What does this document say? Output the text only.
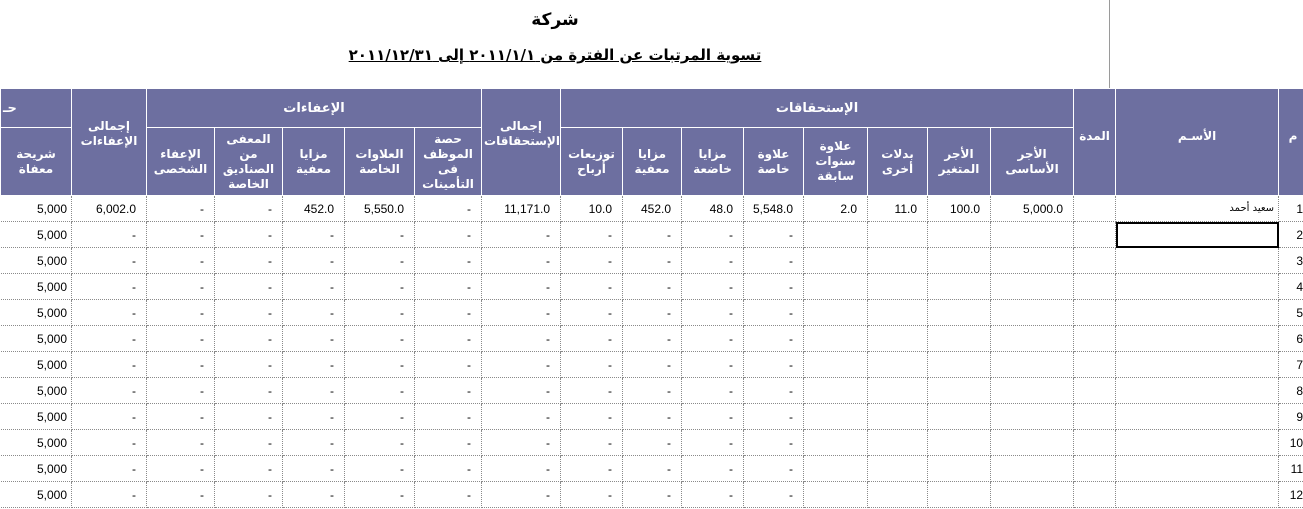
شركة
تسوية المرتبات عن الفترة من ٢٠١١/١/١ إلى ٢٠١١/١٢/٣١
حـ	إجمالى الإعفاءات	الإعفاءات					إجمالى الإستحقاقات	الإستحقاقات								المدة	الأسـم	م
شريحة معفاة		الإعفاء الشخصى	المعفى من الصناديق الخاصة	مزايا معفية	العلاوات الخاصة	حصة الموظف فى التأمينات		توزيعات أرباح	مزايا معفية	مزايا خاضعة	علاوة خاصة	علاوة سنوات سابقة	بدلات أخرى	الأجر المتغير	الأجر الأساسى			
5,000	6,002.0	-	-	452.0	5,550.0	-	11,171.0	10.0	452.0	48.0	5,548.0	2.0	11.0	100.0	5,000.0		سعيد أحمد	1
5,000	-	-	-	-	-	-	-	-	-	-	-							2
5,000	-	-	-	-	-	-	-	-	-	-	-							3
5,000	-	-	-	-	-	-	-	-	-	-	-							4
5,000	-	-	-	-	-	-	-	-	-	-	-							5
5,000	-	-	-	-	-	-	-	-	-	-	-							6
5,000	-	-	-	-	-	-	-	-	-	-	-							7
5,000	-	-	-	-	-	-	-	-	-	-	-							8
5,000	-	-	-	-	-	-	-	-	-	-	-							9
5,000	-	-	-	-	-	-	-	-	-	-	-							10
5,000	-	-	-	-	-	-	-	-	-	-	-							11
5,000	-	-	-	-	-	-	-	-	-	-	-							12
